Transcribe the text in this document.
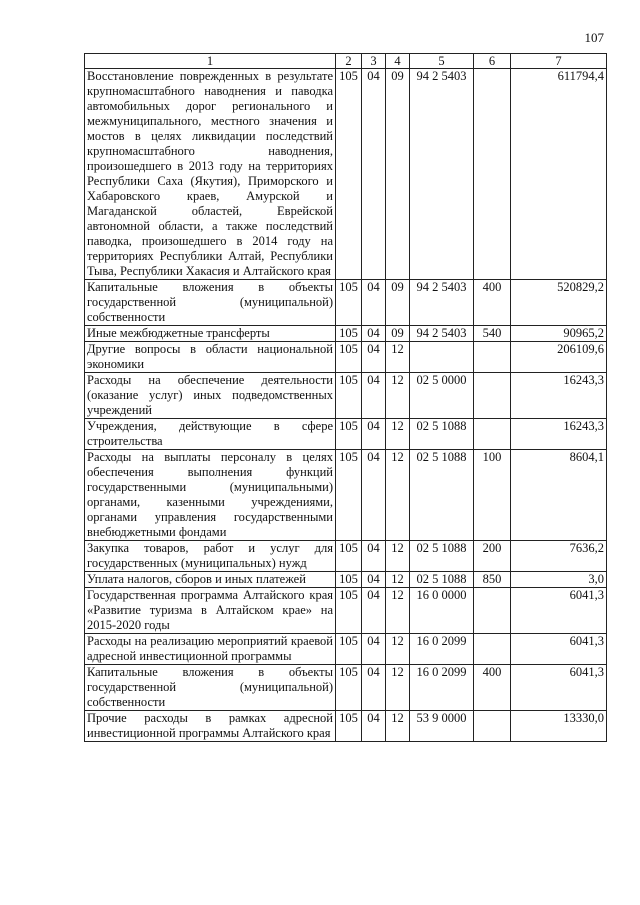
107
1	2	3	4	5	6	7
Восстановление поврежденных в результате крупномасштабного наводнения и паводка автомобильных дорог регионального и межмуниципального, местного значения и мостов в целях ликвидации последствий крупномасштабного наводнения, произошедшего в 2013 году на территориях Республики Саха (Якутия), Приморского и Хабаровского краев, Амурской и Магаданской областей, Еврейской автономной области, а также последствий паводка, произошедшего в 2014 году на территориях Республики Алтай, Республики Тыва, Республики Хакасия и Алтайского края	105	04	09	94 2 5403		611794,4
Капитальные вложения в объекты государственной (муниципальной) собственности	105	04	09	94 2 5403	400	520829,2
Иные межбюджетные трансферты	105	04	09	94 2 5403	540	90965,2
Другие вопросы в области национальной экономики	105	04	12			206109,6
Расходы на обеспечение деятельности (оказание услуг) иных подведомственных учреждений	105	04	12	02 5 0000		16243,3
Учреждения, действующие в сфере строительства	105	04	12	02 5 1088		16243,3
Расходы на выплаты персоналу в целях обеспечения выполнения функций государственными (муниципальными) органами, казенными учреждениями, органами управления государственными внебюджетными фондами	105	04	12	02 5 1088	100	8604,1
Закупка товаров, работ и услуг для государственных (муниципальных) нужд	105	04	12	02 5 1088	200	7636,2
Уплата налогов, сборов и иных платежей	105	04	12	02 5 1088	850	3,0
Государственная программа Алтайского края «Развитие туризма в Алтайском крае» на 2015-2020 годы	105	04	12	16 0 0000		6041,3
Расходы на реализацию мероприятий краевой адресной инвестиционной программы	105	04	12	16 0 2099		6041,3
Капитальные вложения в объекты государственной (муниципальной) собственности	105	04	12	16 0 2099	400	6041,3
Прочие расходы в рамках адресной инвестиционной программы Алтайского края	105	04	12	53 9 0000		13330,0
